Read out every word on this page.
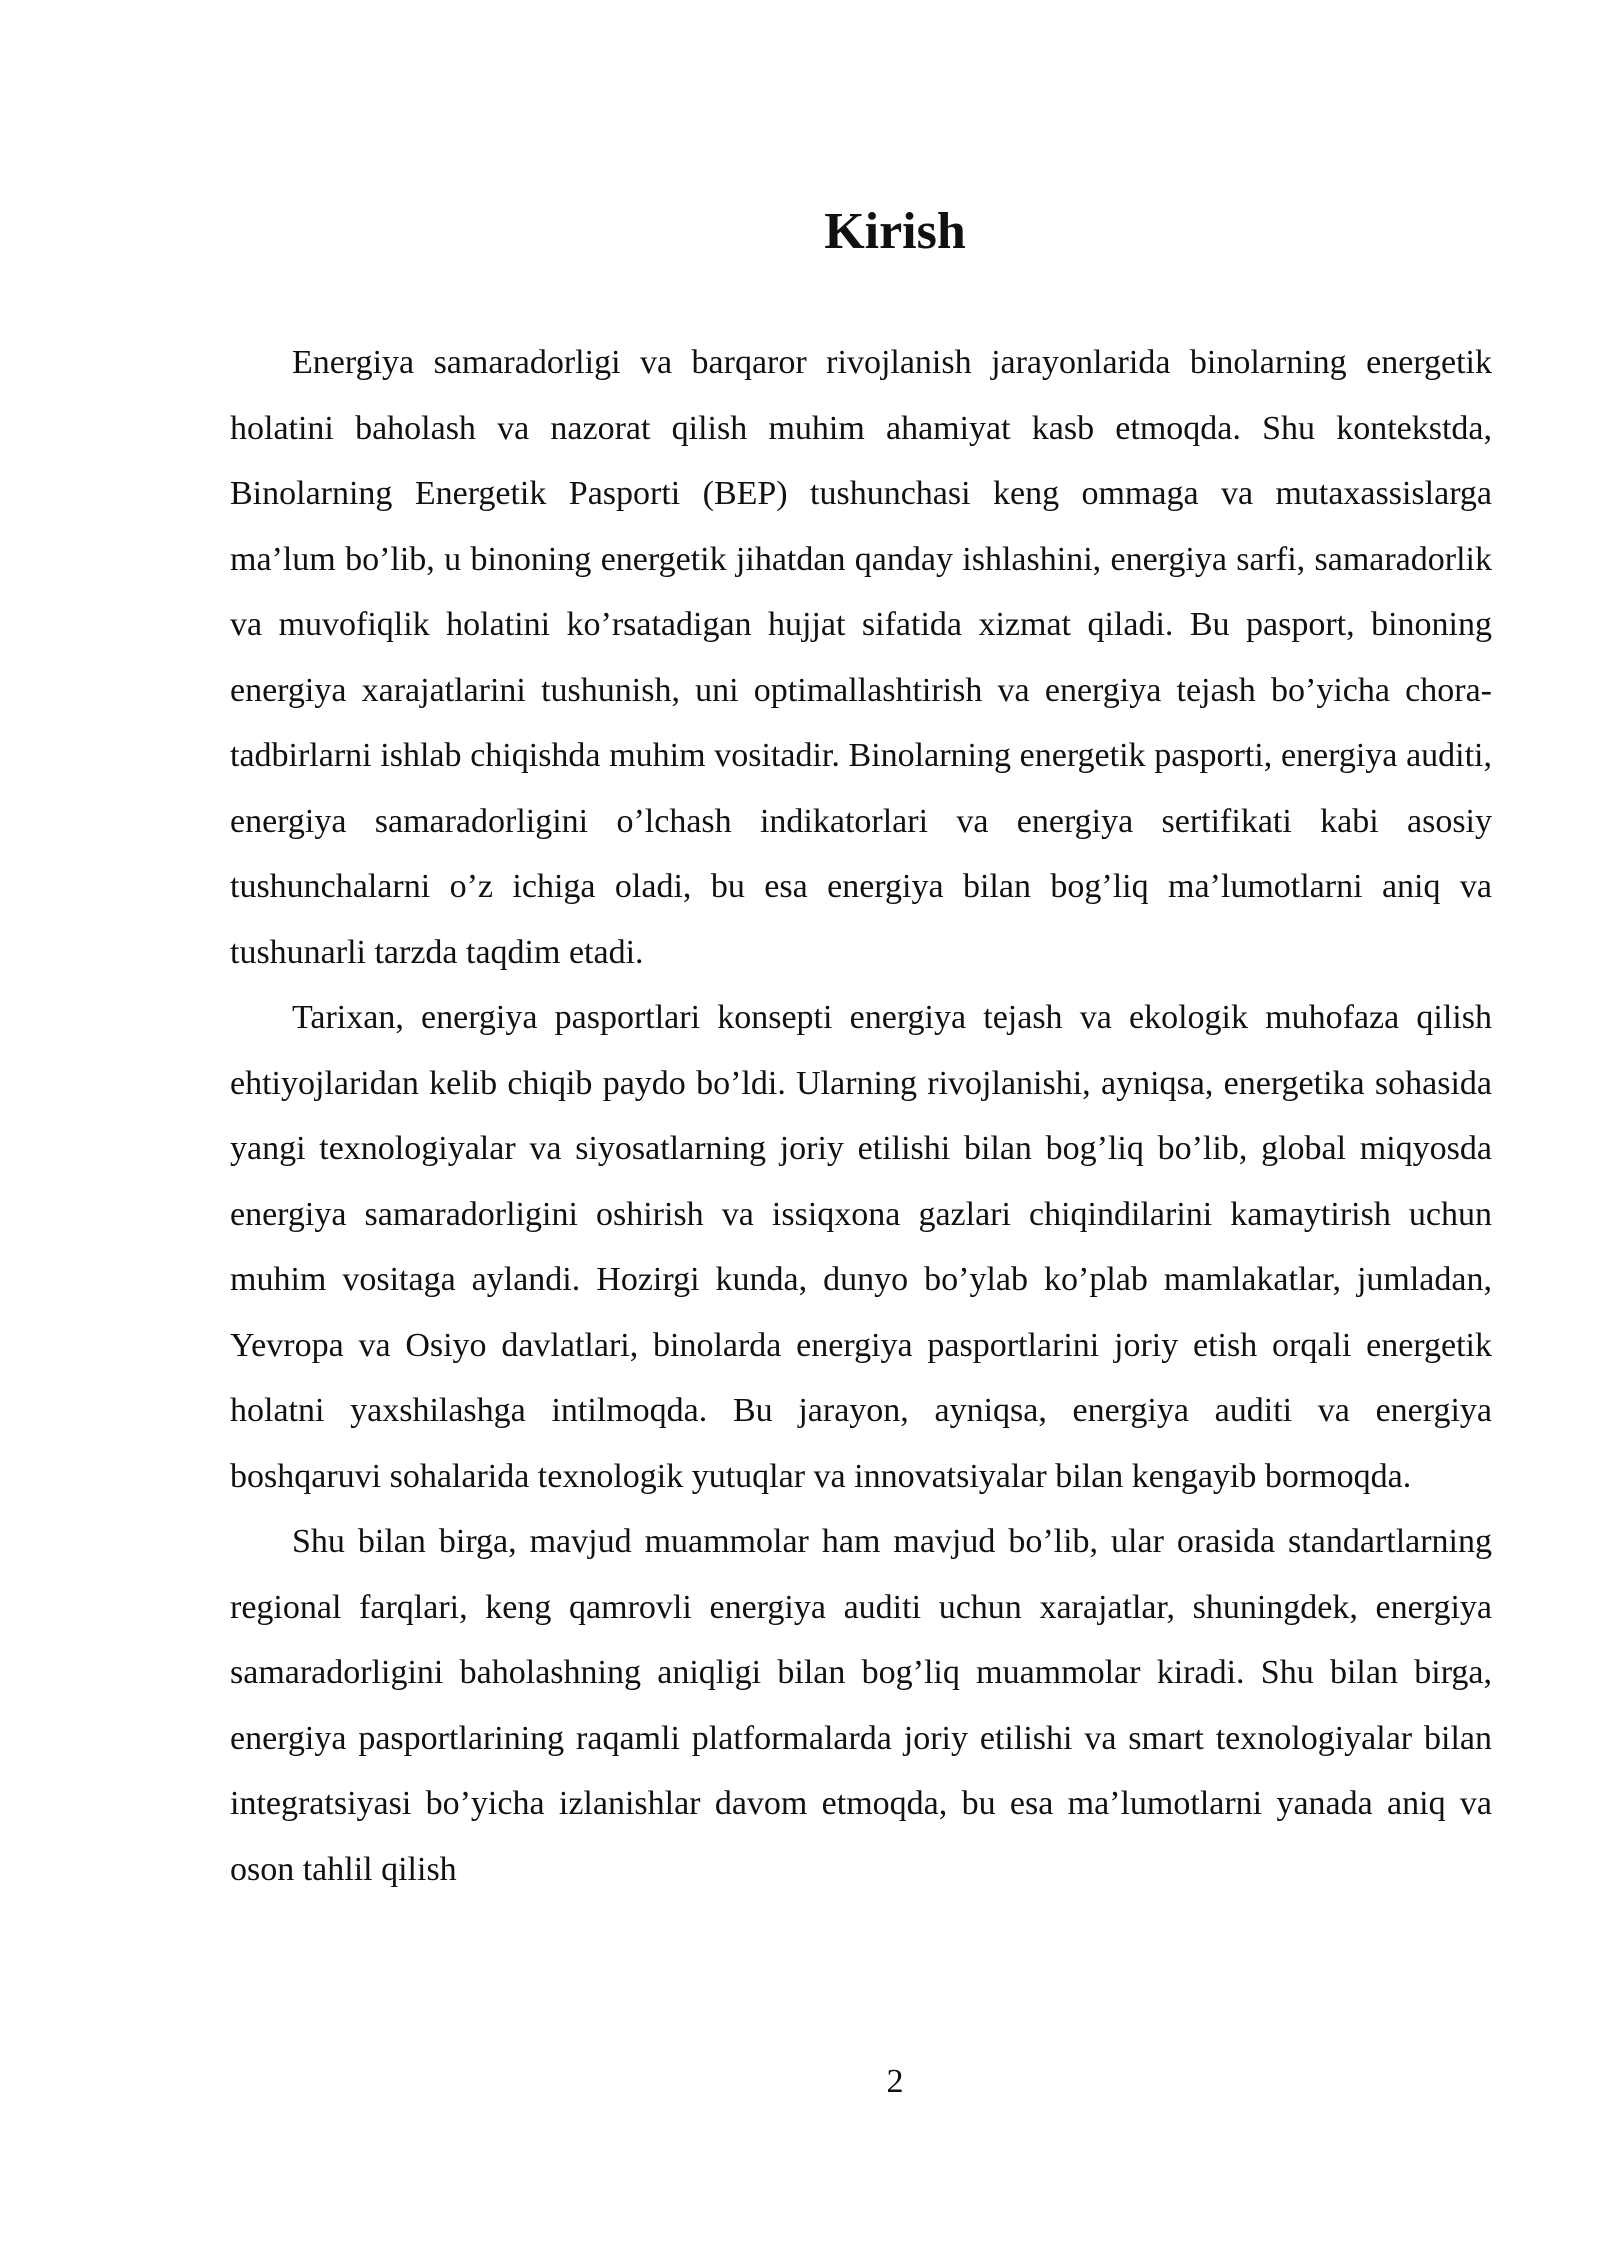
Kirish

Energiya samaradorligi va barqaror rivojlanish jarayonlarida binolarning energetik holatini baholash va nazorat qilish muhim ahamiyat kasb etmoqda. Shu kontekstda, Binolarning Energetik Pasporti (BEP) tushunchasi keng ommaga va mutaxassislarga ma’lum bo’lib, u binoning energetik jihatdan qanday ishlashini, energiya sarfi, samaradorlik va muvofiqlik holatini ko’rsatadigan hujjat sifatida xizmat qiladi. Bu pasport, binoning energiya xarajatlarini tushunish, uni optimallashtirish va energiya tejash bo’yicha chora-tadbirlarni ishlab chiqishda muhim vositadir. Binolarning energetik pasporti, energiya auditi, energiya samaradorligini o’lchash indikatorlari va energiya sertifikati kabi asosiy tushunchalarni o’z ichiga oladi, bu esa energiya bilan bog’liq ma’lumotlarni aniq va tushunarli tarzda taqdim etadi.

Tarixan, energiya pasportlari konsepti energiya tejash va ekologik muhofaza qilish ehtiyojlaridan kelib chiqib paydo bo’ldi. Ularning rivojlanishi, ayniqsa, energetika sohasida yangi texnologiyalar va siyosatlarning joriy etilishi bilan bog’liq bo’lib, global miqyosda energiya samaradorligini oshirish va issiqxona gazlari chiqindilarini kamaytirish uchun muhim vositaga aylandi. Hozirgi kunda, dunyo bo’ylab ko’plab mamlakatlar, jumladan, Yevropa va Osiyo davlatlari, binolarda energiya pasportlarini joriy etish orqali energetik holatni yaxshilashga intilmoqda. Bu jarayon, ayniqsa, energiya auditi va energiya boshqaruvi sohalarida texnologik yutuqlar va innovatsiyalar bilan kengayib bormoqda.

Shu bilan birga, mavjud muammolar ham mavjud bo’lib, ular orasida standartlarning regional farqlari, keng qamrovli energiya auditi uchun xarajatlar, shuningdek, energiya samaradorligini baholashning aniqligi bilan bog’liq muammolar kiradi. Shu bilan birga, energiya pasportlarining raqamli platformalarda joriy etilishi va smart texnologiyalar bilan integratsiyasi bo’yicha izlanishlar davom etmoqda, bu esa ma’lumotlarni yanada aniq va oson tahlil qilish

2
